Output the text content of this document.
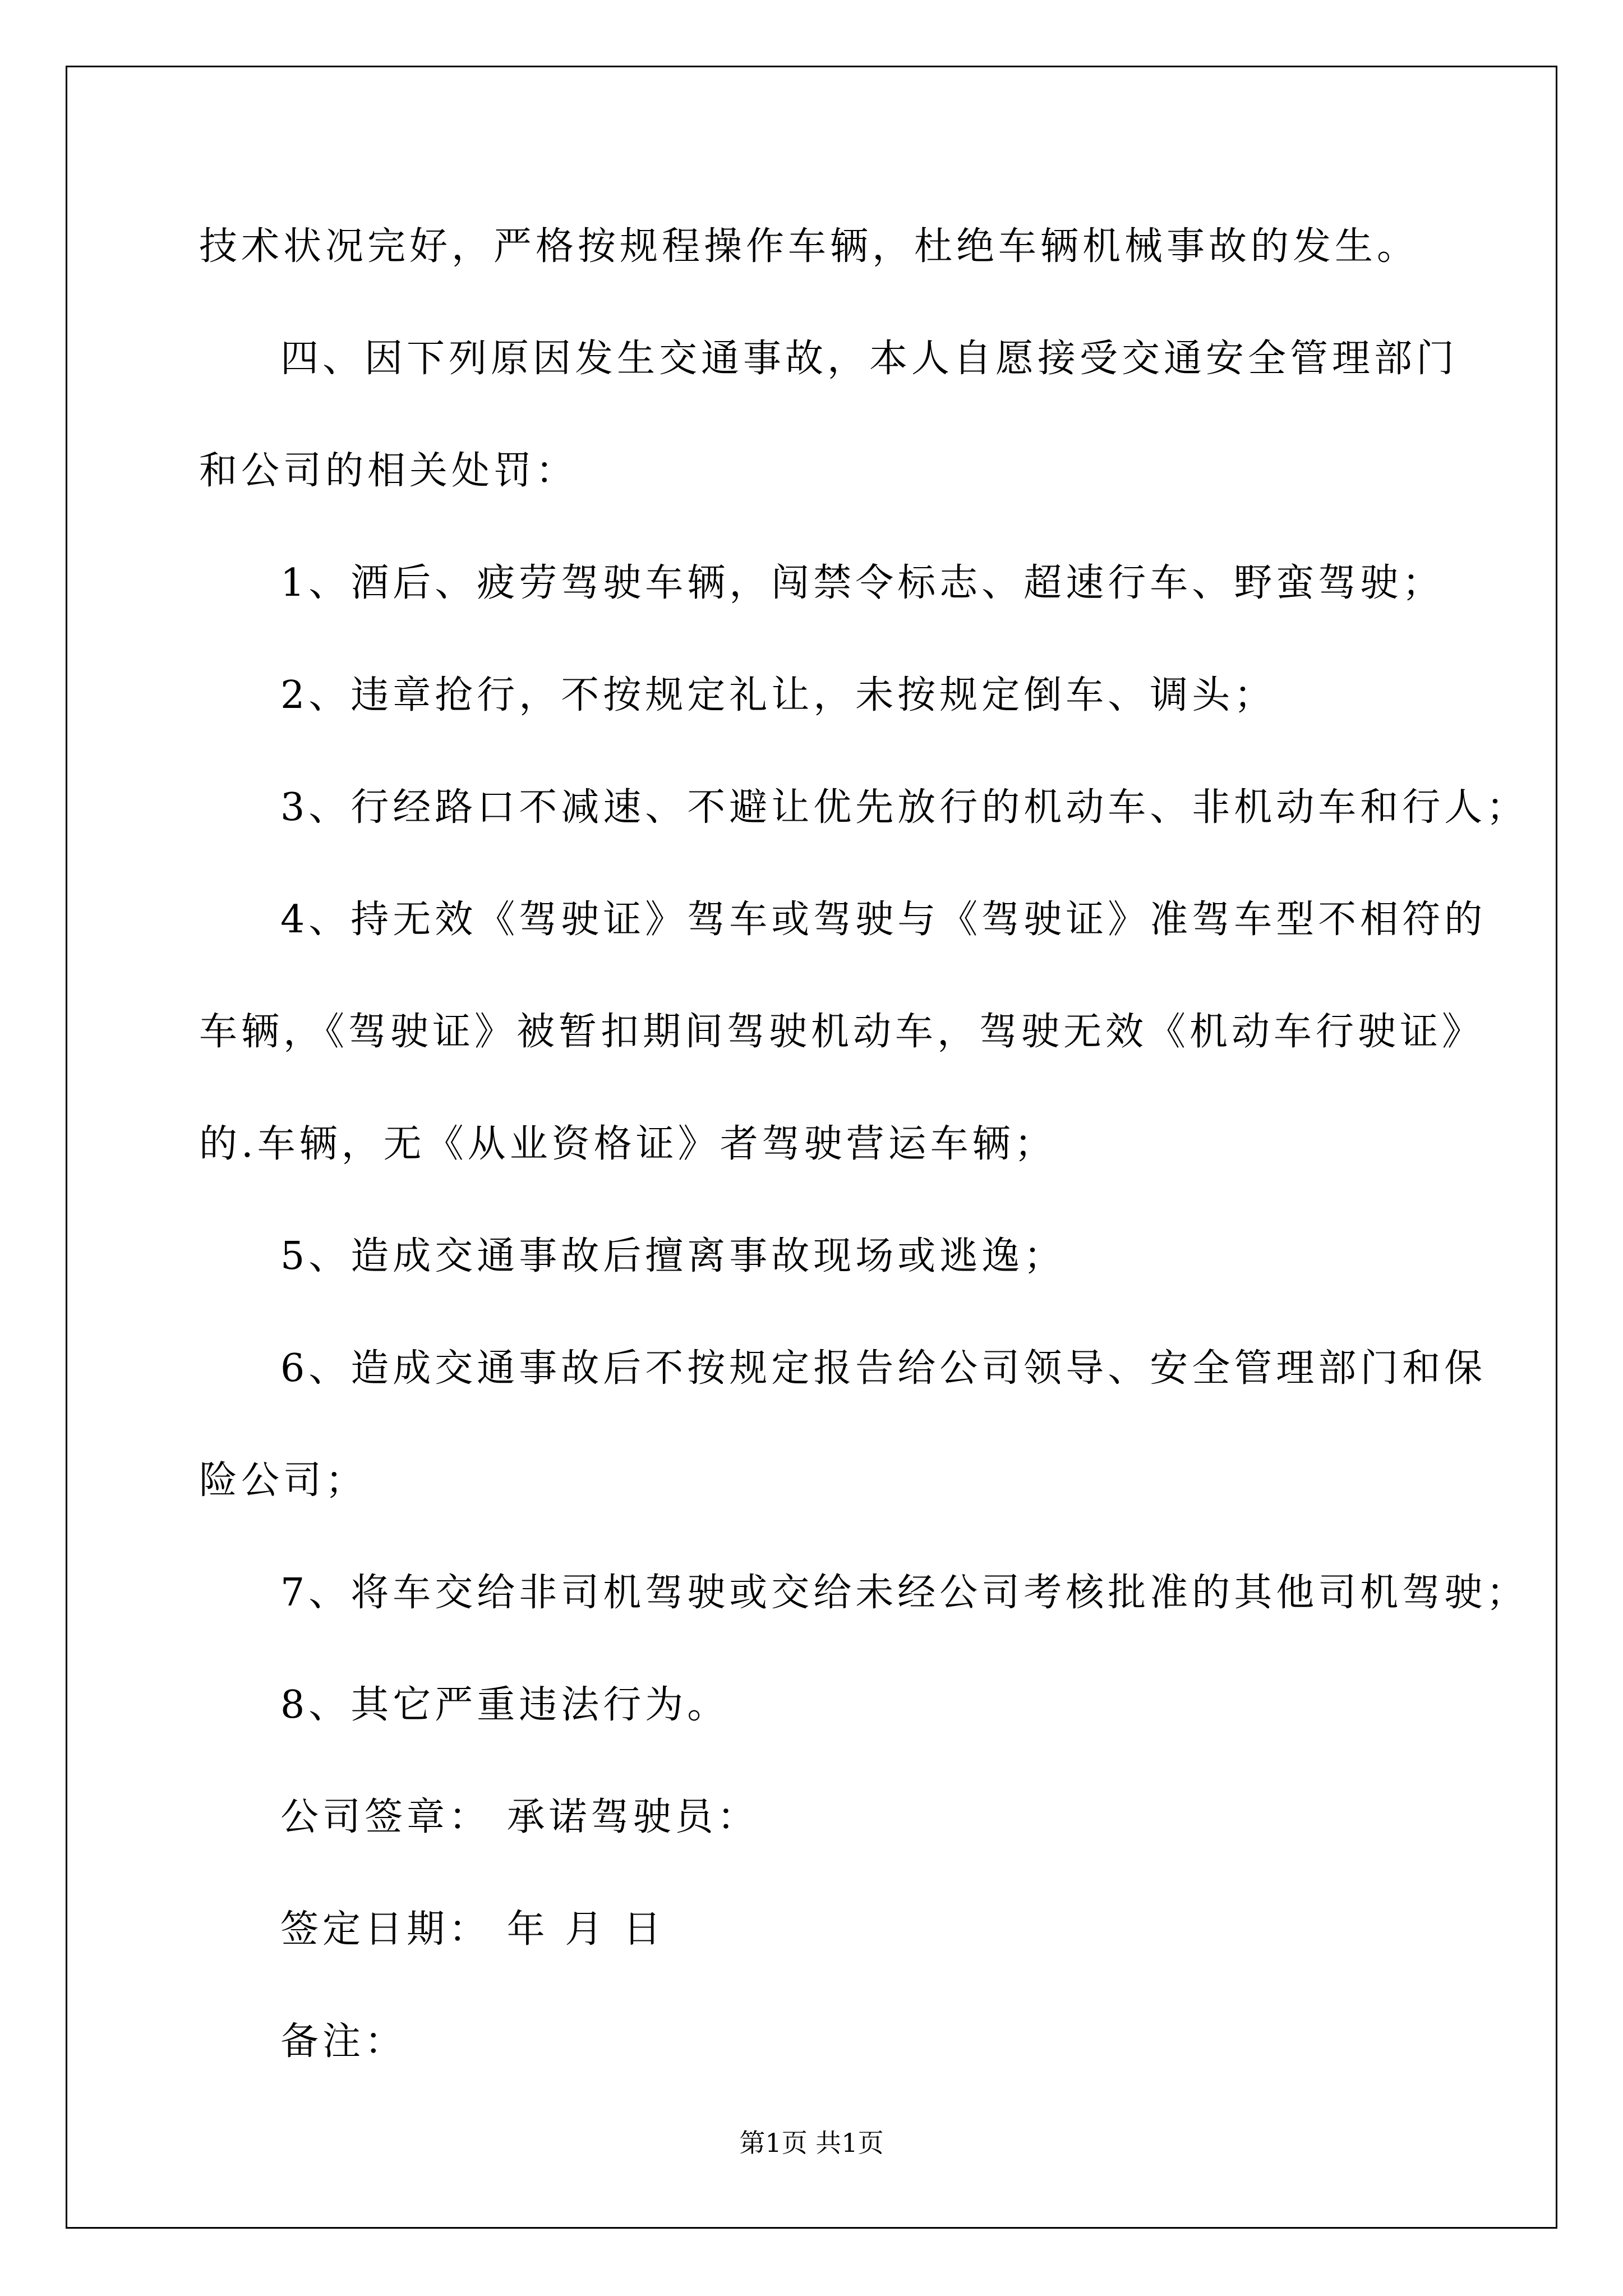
技术状况完好，严格按规程操作车辆，杜绝车辆机械事故的发生。
四、因下列原因发生交通事故，本人自愿接受交通安全管理部门
和公司的相关处罚：
1、酒后、疲劳驾驶车辆，闯禁令标志、超速行车、野蛮驾驶；
2、违章抢行，不按规定礼让，未按规定倒车、调头；
3、行经路口不减速、不避让优先放行的机动车、非机动车和行人；
4、持无效《驾驶证》驾车或驾驶与《驾驶证》准驾车型不相符的
车辆，《驾驶证》被暂扣期间驾驶机动车，驾驶无效《机动车行驶证》
的.车辆，无《从业资格证》者驾驶营运车辆；
5、造成交通事故后擅离事故现场或逃逸；
6、造成交通事故后不按规定报告给公司领导、安全管理部门和保
险公司；
7、将车交给非司机驾驶或交给未经公司考核批准的其他司机驾驶；
8、其它严重违法行为。
公司签章： 承诺驾驶员：
签定日期： 年 月 日
备注：
第1页 共1页
